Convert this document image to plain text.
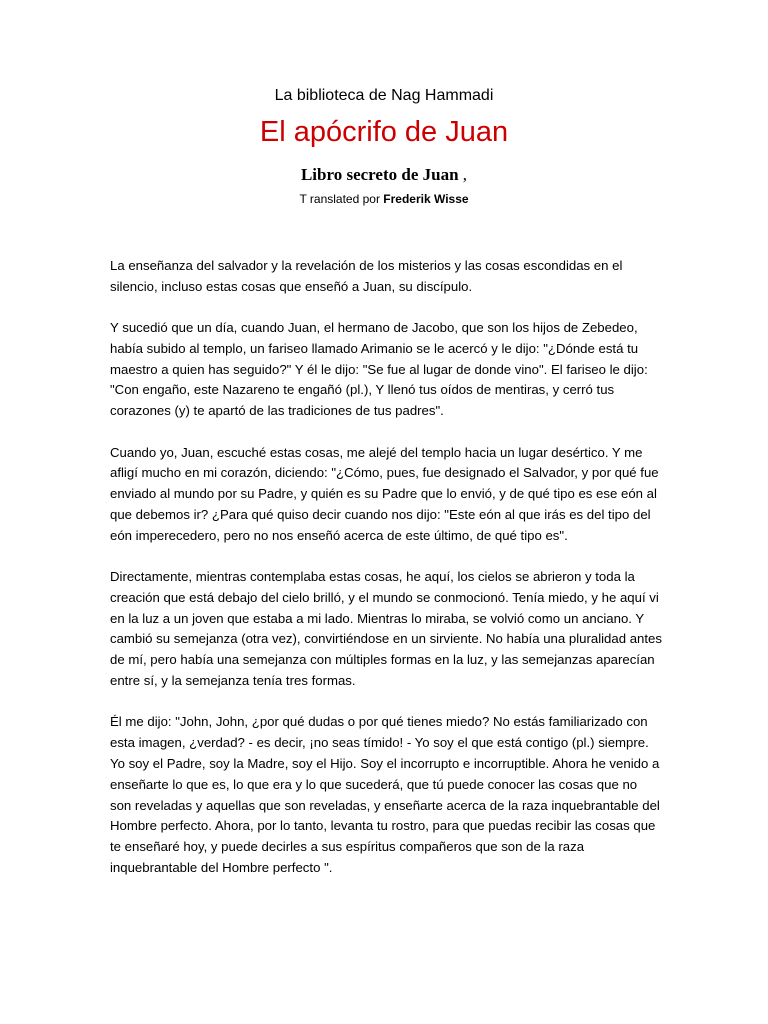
La biblioteca de Nag Hammadi
El apócrifo de Juan
Libro secreto de Juan ,
T ranslated por Frederik Wisse

La enseñanza del salvador y la revelación de los misterios y las cosas escondidas en el silencio, incluso estas cosas que enseñó a Juan, su discípulo.

Y sucedió que un día, cuando Juan, el hermano de Jacobo, que son los hijos de Zebedeo, había subido al templo, un fariseo llamado Arimanio se le acercó y le dijo: "¿Dónde está tu maestro a quien has seguido?" Y él le dijo: "Se fue al lugar de donde vino". El fariseo le dijo: "Con engaño, este Nazareno te engañó (pl.), Y llenó tus oídos de mentiras, y cerró tus corazones (y) te apartó de las tradiciones de tus padres".

Cuando yo, Juan, escuché estas cosas, me alejé del templo hacia un lugar desértico. Y me afligí mucho en mi corazón, diciendo: "¿Cómo, pues, fue designado el Salvador, y por qué fue enviado al mundo por su Padre, y quién es su Padre que lo envió, y de qué tipo es ese eón al que debemos ir? ¿Para qué quiso decir cuando nos dijo: "Este eón al que irás es del tipo del eón imperecedero, pero no nos enseñó acerca de este último, de qué tipo es".

Directamente, mientras contemplaba estas cosas, he aquí, los cielos se abrieron y toda la creación que está debajo del cielo brilló, y el mundo se conmocionó. Tenía miedo, y he aquí vi en la luz a un joven que estaba a mi lado. Mientras lo miraba, se volvió como un anciano. Y cambió su semejanza (otra vez), convirtiéndose en un sirviente. No había una pluralidad antes de mí, pero había una semejanza con múltiples formas en la luz, y las semejanzas aparecían entre sí, y la semejanza tenía tres formas.

Él me dijo: "John, John, ¿por qué dudas o por qué tienes miedo? No estás familiarizado con esta imagen, ¿verdad? - es decir, ¡no seas tímido! - Yo soy el que está contigo (pl.) siempre. Yo soy el Padre, soy la Madre, soy el Hijo. Soy el incorrupto e incorruptible. Ahora he venido a enseñarte lo que es, lo que era y lo que sucederá, que tú puede conocer las cosas que no son reveladas y aquellas que son reveladas, y enseñarte acerca de la raza inquebrantable del Hombre perfecto. Ahora, por lo tanto, levanta tu rostro, para que puedas recibir las cosas que te enseñaré hoy, y puede decirles a sus espíritus compañeros que son de la raza inquebrantable del Hombre perfecto ".
